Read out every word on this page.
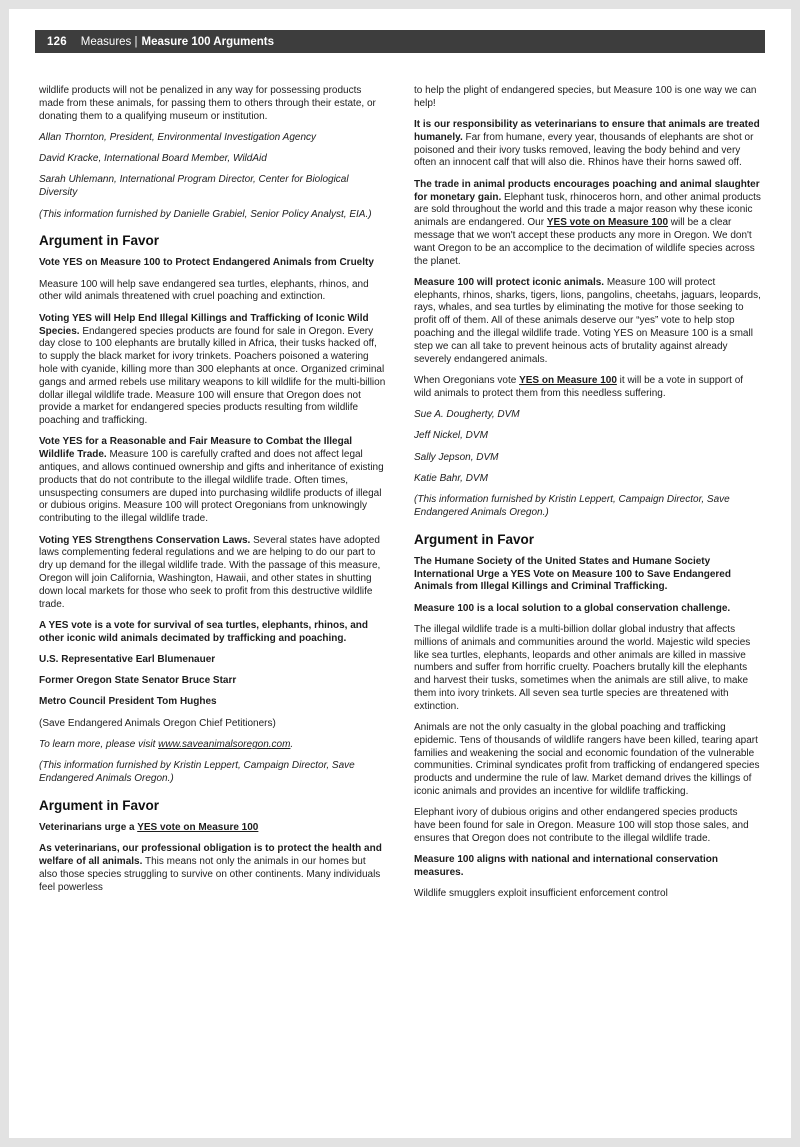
126 Measures | Measure 100 Arguments

wildlife products will not be penalized in any way for possessing products made from these animals, for passing them to others through their estate, or donating them to a qualifying museum or institution.

Allan Thornton, President, Environmental Investigation Agency

David Kracke, International Board Member, WildAid

Sarah Uhlemann, International Program Director, Center for Biological Diversity

(This information furnished by Danielle Grabiel, Senior Policy Analyst, EIA.)

Argument in Favor

Vote YES on Measure 100 to Protect Endangered Animals from Cruelty

Measure 100 will help save endangered sea turtles, elephants, rhinos, and other wild animals threatened with cruel poaching and extinction.

Voting YES will Help End Illegal Killings and Trafficking of Iconic Wild Species. Endangered species products are found for sale in Oregon. Every day close to 100 elephants are brutally killed in Africa, their tusks hacked off, to supply the black market for ivory trinkets. Poachers poisoned a watering hole with cyanide, killing more than 300 elephants at once. Organized criminal gangs and armed rebels use military weapons to kill wildlife for the multi-billion dollar illegal wildlife trade. Measure 100 will ensure that Oregon does not provide a market for endangered species products resulting from wildlife poaching and trafficking.

Vote YES for a Reasonable and Fair Measure to Combat the Illegal Wildlife Trade. Measure 100 is carefully crafted and does not affect legal antiques, and allows continued ownership and gifts and inheritance of existing products that do not contribute to the illegal wildlife trade. Often times, unsuspecting consumers are duped into purchasing wildlife products of illegal or dubious origins. Measure 100 will protect Oregonians from unknowingly contributing to the illegal wildlife trade.

Voting YES Strengthens Conservation Laws. Several states have adopted laws complementing federal regulations and we are helping to do our part to dry up demand for the illegal wildlife trade. With the passage of this measure, Oregon will join California, Washington, Hawaii, and other states in shutting down local markets for those who seek to profit from this destructive wildlife trade.

A YES vote is a vote for survival of sea turtles, elephants, rhinos, and other iconic wild animals decimated by trafficking and poaching.

U.S. Representative Earl Blumenauer

Former Oregon State Senator Bruce Starr

Metro Council President Tom Hughes

(Save Endangered Animals Oregon Chief Petitioners)

To learn more, please visit www.saveanimalsoregon.com.

(This information furnished by Kristin Leppert, Campaign Director, Save Endangered Animals Oregon.)

Argument in Favor

Veterinarians urge a YES vote on Measure 100

As veterinarians, our professional obligation is to protect the health and welfare of all animals. This means not only the animals in our homes but also those species struggling to survive on other continents. Many individuals feel powerless

to help the plight of endangered species, but Measure 100 is one way we can help!

It is our responsibility as veterinarians to ensure that animals are treated humanely. Far from humane, every year, thousands of elephants are shot or poisoned and their ivory tusks removed, leaving the body behind and very often an innocent calf that will also die. Rhinos have their horns sawed off.

The trade in animal products encourages poaching and animal slaughter for monetary gain. Elephant tusk, rhinoceros horn, and other animal products are sold throughout the world and this trade a major reason why these iconic animals are endangered. Our YES vote on Measure 100 will be a clear message that we won't accept these products any more in Oregon. We don't want Oregon to be an accomplice to the decimation of wildlife species across the planet.

Measure 100 will protect iconic animals. Measure 100 will protect elephants, rhinos, sharks, tigers, lions, pangolins, cheetahs, jaguars, leopards, rays, whales, and sea turtles by eliminating the motive for those seeking to profit off of them. All of these animals deserve our “yes” vote to help stop poaching and the illegal wildlife trade. Voting YES on Measure 100 is a small step we can all take to prevent heinous acts of brutality against already severely endangered animals.

When Oregonians vote YES on Measure 100 it will be a vote in support of wild animals to protect them from this needless suffering.

Sue A. Dougherty, DVM

Jeff Nickel, DVM

Sally Jepson, DVM

Katie Bahr, DVM

(This information furnished by Kristin Leppert, Campaign Director, Save Endangered Animals Oregon.)

Argument in Favor

The Humane Society of the United States and Humane Society International Urge a YES Vote on Measure 100 to Save Endangered Animals from Illegal Killings and Criminal Trafficking.

Measure 100 is a local solution to a global conservation challenge.

The illegal wildlife trade is a multi-billion dollar global industry that affects millions of animals and communities around the world. Majestic wild species like sea turtles, elephants, leopards and other animals are killed in massive numbers and suffer from horrific cruelty. Poachers brutally kill the elephants and harvest their tusks, sometimes when the animals are still alive, to make them into ivory trinkets. All seven sea turtle species are threatened with extinction.

Animals are not the only casualty in the global poaching and trafficking epidemic. Tens of thousands of wildlife rangers have been killed, tearing apart families and weakening the social and economic foundation of the vulnerable communities. Criminal syndicates profit from trafficking of endangered species products and undermine the rule of law. Market demand drives the killings of iconic animals and provides an incentive for wildlife trafficking.

Elephant ivory of dubious origins and other endangered species products have been found for sale in Oregon. Measure 100 will stop those sales, and ensures that Oregon does not contribute to the illegal wildlife trade.

Measure 100 aligns with national and international conservation measures.

Wildlife smugglers exploit insufficient enforcement control
